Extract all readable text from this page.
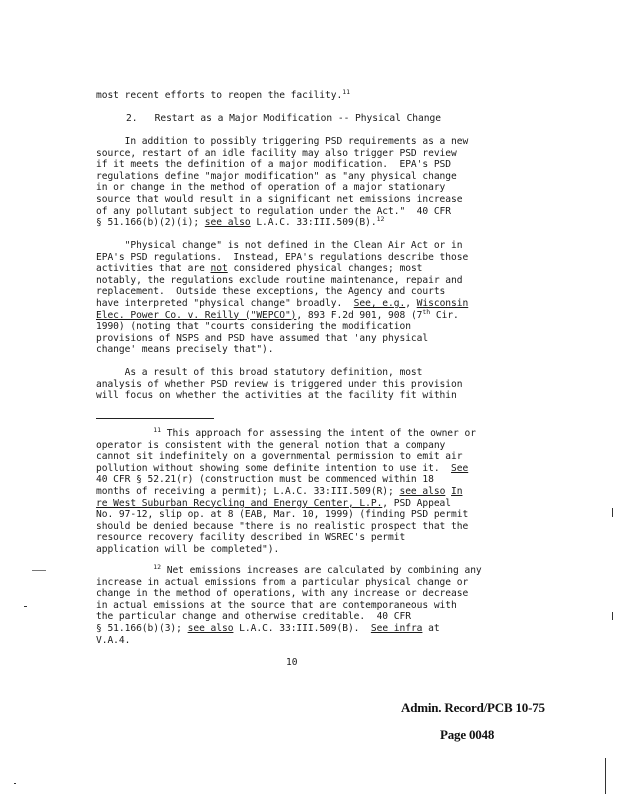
most recent efforts to reopen the facility.$^{11}$
2.   Restart as a Major Modification -- Physical Change
In addition to possibly triggering PSD requirements as a new
source, restart of an idle facility may also trigger PSD review
if it meets the definition of a major modification.  EPA's PSD
regulations define "major modification" as "any physical change
in or change in the method of operation of a major stationary
source that would result in a significant net emissions increase
of any pollutant subject to regulation under the Act."  40 CFR
§ 51.166(b)(2)(i); see also L.A.C. 33:III.509(B).$^{12}$
"Physical change" is not defined in the Clean Air Act or in
EPA's PSD regulations.  Instead, EPA's regulations describe those
activities that are not considered physical changes; most
notably, the regulations exclude routine maintenance, repair and
replacement.  Outside these exceptions, the Agency and courts
have interpreted "physical change" broadly.  See, e.g., Wisconsin
Elec. Power Co. v. Reilly ("WEPCO"), 893 F.2d 901, 908 (7th Cir.
1990) (noting that "courts considering the modification
provisions of NSPS and PSD have assumed that 'any physical
change' means precisely that").
As a result of this broad statutory definition, most
analysis of whether PSD review is triggered under this provision
will focus on whether the activities at the facility fit within
$^{11}$ This approach for assessing the intent of the owner or
operator is consistent with the general notion that a company
cannot sit indefinitely on a governmental permission to emit air
pollution without showing some definite intention to use it.  See
40 CFR § 52.21(r) (construction must be commenced within 18
months of receiving a permit); L.A.C. 33:III.509(R); see also In
re West Suburban Recycling and Energy Center, L.P., PSD Appeal
No. 97-12, slip op. at 8 (EAB, Mar. 10, 1999) (finding PSD permit
should be denied because "there is no realistic prospect that the
resource recovery facility described in WSREC's permit
application will be completed").
$^{12}$ Net emissions increases are calculated by combining any
increase in actual emissions from a particular physical change or
change in the method of operations, with any increase or decrease
in actual emissions at the source that are contemporaneous with
the particular change and otherwise creditable.  40 CFR
§ 51.166(b)(3); see also L.A.C. 33:III.509(B).  See infra at
V.A.4.
10
Admin. Record/PCB 10-75
Page 0048
